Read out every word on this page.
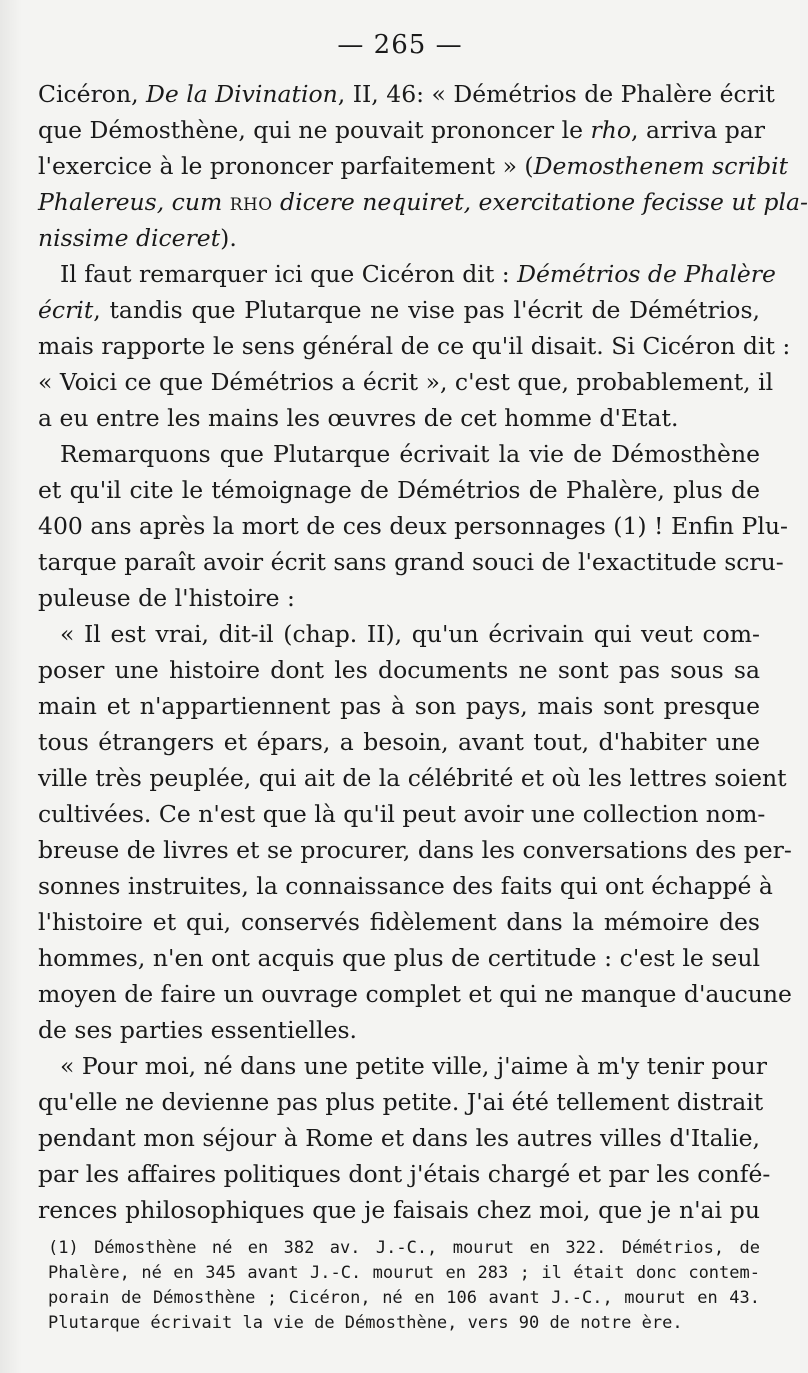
— 265 —
Cicéron, De la Divination, II, 46: « Démétrios de Phalère écrit
que Démosthène, qui ne pouvait prononcer le rho, arriva par
l'exercice à le prononcer parfaitement » (Demosthenem scribit
Phalereus, cum RHO dicere nequiret, exercitatione fecisse ut pla-
nissime diceret).
Il faut remarquer ici que Cicéron dit : Démétrios de Phalère
écrit, tandis que Plutarque ne vise pas l'écrit de Démétrios,
mais rapporte le sens général de ce qu'il disait. Si Cicéron dit :
« Voici ce que Démétrios a écrit », c'est que, probablement, il
a eu entre les mains les œuvres de cet homme d'Etat.
Remarquons que Plutarque écrivait la vie de Démosthène
et qu'il cite le témoignage de Démétrios de Phalère, plus de
400 ans après la mort de ces deux personnages (1) ! Enfin Plu-
tarque paraît avoir écrit sans grand souci de l'exactitude scru-
puleuse de l'histoire :
« Il est vrai, dit-il (chap. II), qu'un écrivain qui veut com-
poser une histoire dont les documents ne sont pas sous sa
main et n'appartiennent pas à son pays, mais sont presque
tous étrangers et épars, a besoin, avant tout, d'habiter une
ville très peuplée, qui ait de la célébrité et où les lettres soient
cultivées. Ce n'est que là qu'il peut avoir une collection nom-
breuse de livres et se procurer, dans les conversations des per-
sonnes instruites, la connaissance des faits qui ont échappé à
l'histoire et qui, conservés fidèlement dans la mémoire des
hommes, n'en ont acquis que plus de certitude : c'est le seul
moyen de faire un ouvrage complet et qui ne manque d'aucune
de ses parties essentielles.
« Pour moi, né dans une petite ville, j'aime à m'y tenir pour
qu'elle ne devienne pas plus petite. J'ai été tellement distrait
pendant mon séjour à Rome et dans les autres villes d'Italie,
par les affaires politiques dont j'étais chargé et par les confé-
rences philosophiques que je faisais chez moi, que je n'ai pu
(1) Démosthène né en 382 av. J.-C., mourut en 322. Démétrios, de
Phalère, né en 345 avant J.-C. mourut en 283 ; il était donc contem-
porain de Démosthène ; Cicéron, né en 106 avant J.-C., mourut en 43.
Plutarque écrivait la vie de Démosthène, vers 90 de notre ère.
